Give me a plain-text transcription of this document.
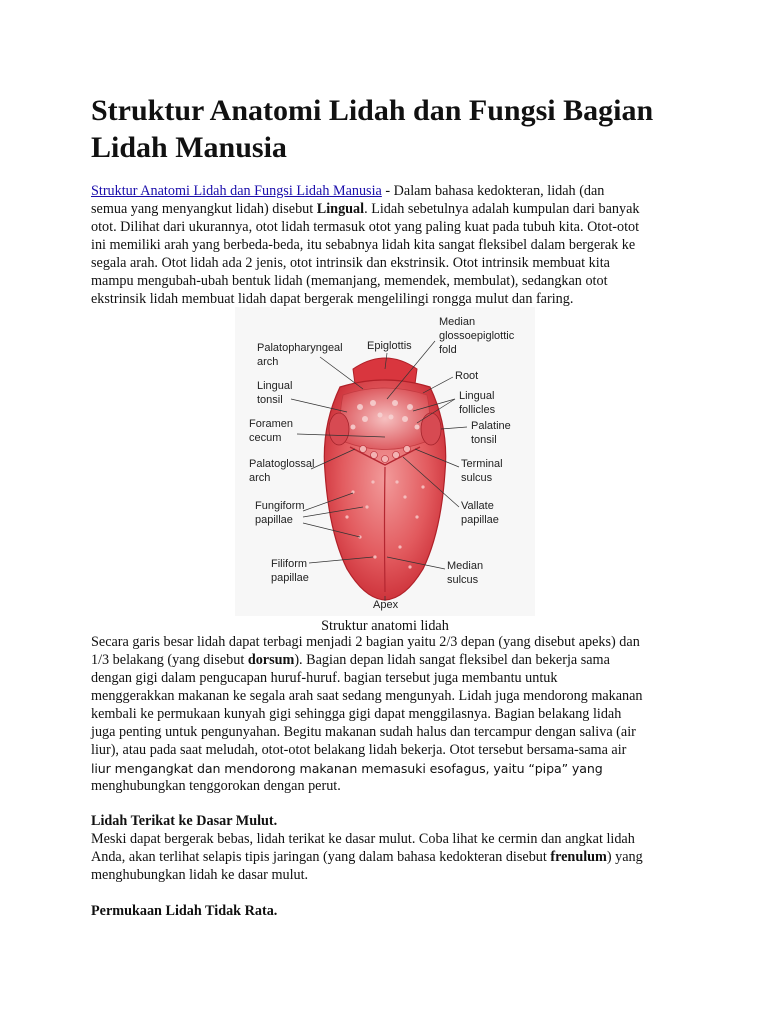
Struktur Anatomi Lidah dan Fungsi Bagian Lidah Manusia

Struktur Anatomi Lidah dan Fungsi Lidah Manusia - Dalam bahasa kedokteran, lidah (dan

semua yang menyangkut lidah) disebut Lingual. Lidah sebetulnya adalah kumpulan dari banyak

otot. Dilihat dari ukurannya, otot lidah termasuk otot yang paling kuat pada tubuh kita. Otot-otot

ini memiliki arah yang berbeda-beda, itu sebabnya lidah kita sangat fleksibel dalam bergerak ke

segala arah. Otot lidah ada 2 jenis, otot intrinsik dan ekstrinsik. Otot intrinsik membuat kita

mampu mengubah-ubah bentuk lidah (memanjang, memendek, membulat), sedangkan otot

ekstrinsik lidah membuat lidah dapat bergerak mengelilingi rongga mulut dan faring.

Palatopharyngeal
arch
Epiglottis
Median
glossoepiglottic
fold
Root
Lingual
tonsil	Lingual
follicles
Foramen
cecum
Palatine
tonsil
Palatoglossal
arch
Terminal
sulcus
Fungiform
papillae
Vallate
papillae
Filiform
papillae
Median
sulcus
Apex
Struktur anatomi lidah

Secara garis besar lidah dapat terbagi menjadi 2 bagian yaitu 2/3 depan (yang disebut apeks) dan

1/3 belakang (yang disebut dorsum). Bagian depan lidah sangat fleksibel dan bekerja sama

dengan gigi dalam pengucapan huruf-huruf. bagian tersebut juga membantu untuk

menggerakkan makanan ke segala arah saat sedang mengunyah. Lidah juga mendorong makanan

kembali ke permukaan kunyah gigi sehingga gigi dapat menggilasnya. Bagian belakang lidah

juga penting untuk pengunyahan. Begitu makanan sudah halus dan tercampur dengan saliva (air

liur), atau pada saat meludah, otot-otot belakang lidah bekerja. Otot tersebut bersama-sama air

liur mengangkat dan mendorong makanan memasuki esofagus, yaitu “pipa” yang

menghubungkan tenggorokan dengan perut.

Lidah Terikat ke Dasar Mulut.

Meski dapat bergerak bebas, lidah terikat ke dasar mulut. Coba lihat ke cermin dan angkat lidah

Anda, akan terlihat selapis tipis jaringan (yang dalam bahasa kedokteran disebut frenulum) yang

menghubungkan lidah ke dasar mulut.

Permukaan Lidah Tidak Rata.
